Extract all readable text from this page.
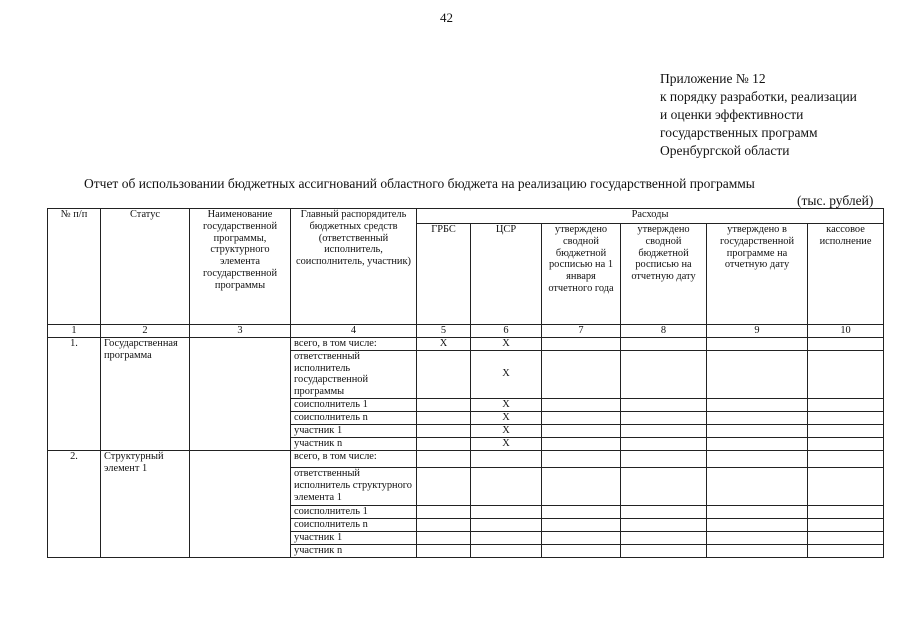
42
Приложение № 12
к порядку разработки, реализации
и оценки эффективности
государственных программ
Оренбургской области
Отчет об использовании бюджетных ассигнований областного бюджета на реализацию государственной программы
(тыс. рублей)
№ п/п	Статус	Наименование государственной программы, структурного элемента государственной программы	Главный распорядитель бюджетных средств (ответственный исполнитель, соисполнитель, участник)	Расходы					
				ГРБС	ЦСР	утверждено сводной бюджетной росписью на 1 января отчетного года	утверждено сводной бюджетной росписью на отчетную дату	утверждено в государственной программе на отчетную дату	кассовое исполнение
1	2	3	4	5	6	7	8	9	10
1.	Государственная программа		всего, в том числе:	X	X				
			ответственный исполнитель государственной программы		X				
			соисполнитель 1		X				
			соисполнитель n		X				
			участник 1		X				
			участник n		X				
2.	Структурный элемент 1		всего, в том числе:						
			ответственный исполнитель структурного элемента 1						
			соисполнитель 1						
			соисполнитель n						
			участник 1						
			участник n						
